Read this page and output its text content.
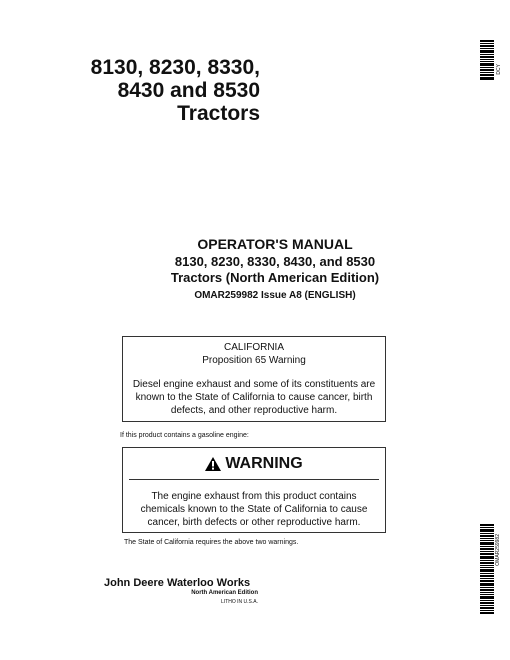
8130, 8230, 8330,
8430 and 8530
Tractors
DCY
OPERATOR'S MANUAL
8130, 8230, 8330, 8430, and 8530
Tractors (North American Edition)
OMAR259982 Issue A8 (ENGLISH)
CALIFORNIA
Proposition 65 Warning
Diesel engine exhaust and some of its constituents are known to the State of California to cause cancer, birth defects, and other reproductive harm.
If this product contains a gasoline engine:
WARNING
The engine exhaust from this product contains chemicals known to the State of California to cause cancer, birth defects or other reproductive harm.
The State of California requires the above two warnings.
John Deere Waterloo Works
North American Edition
LITHO IN U.S.A.
OMAR259982
